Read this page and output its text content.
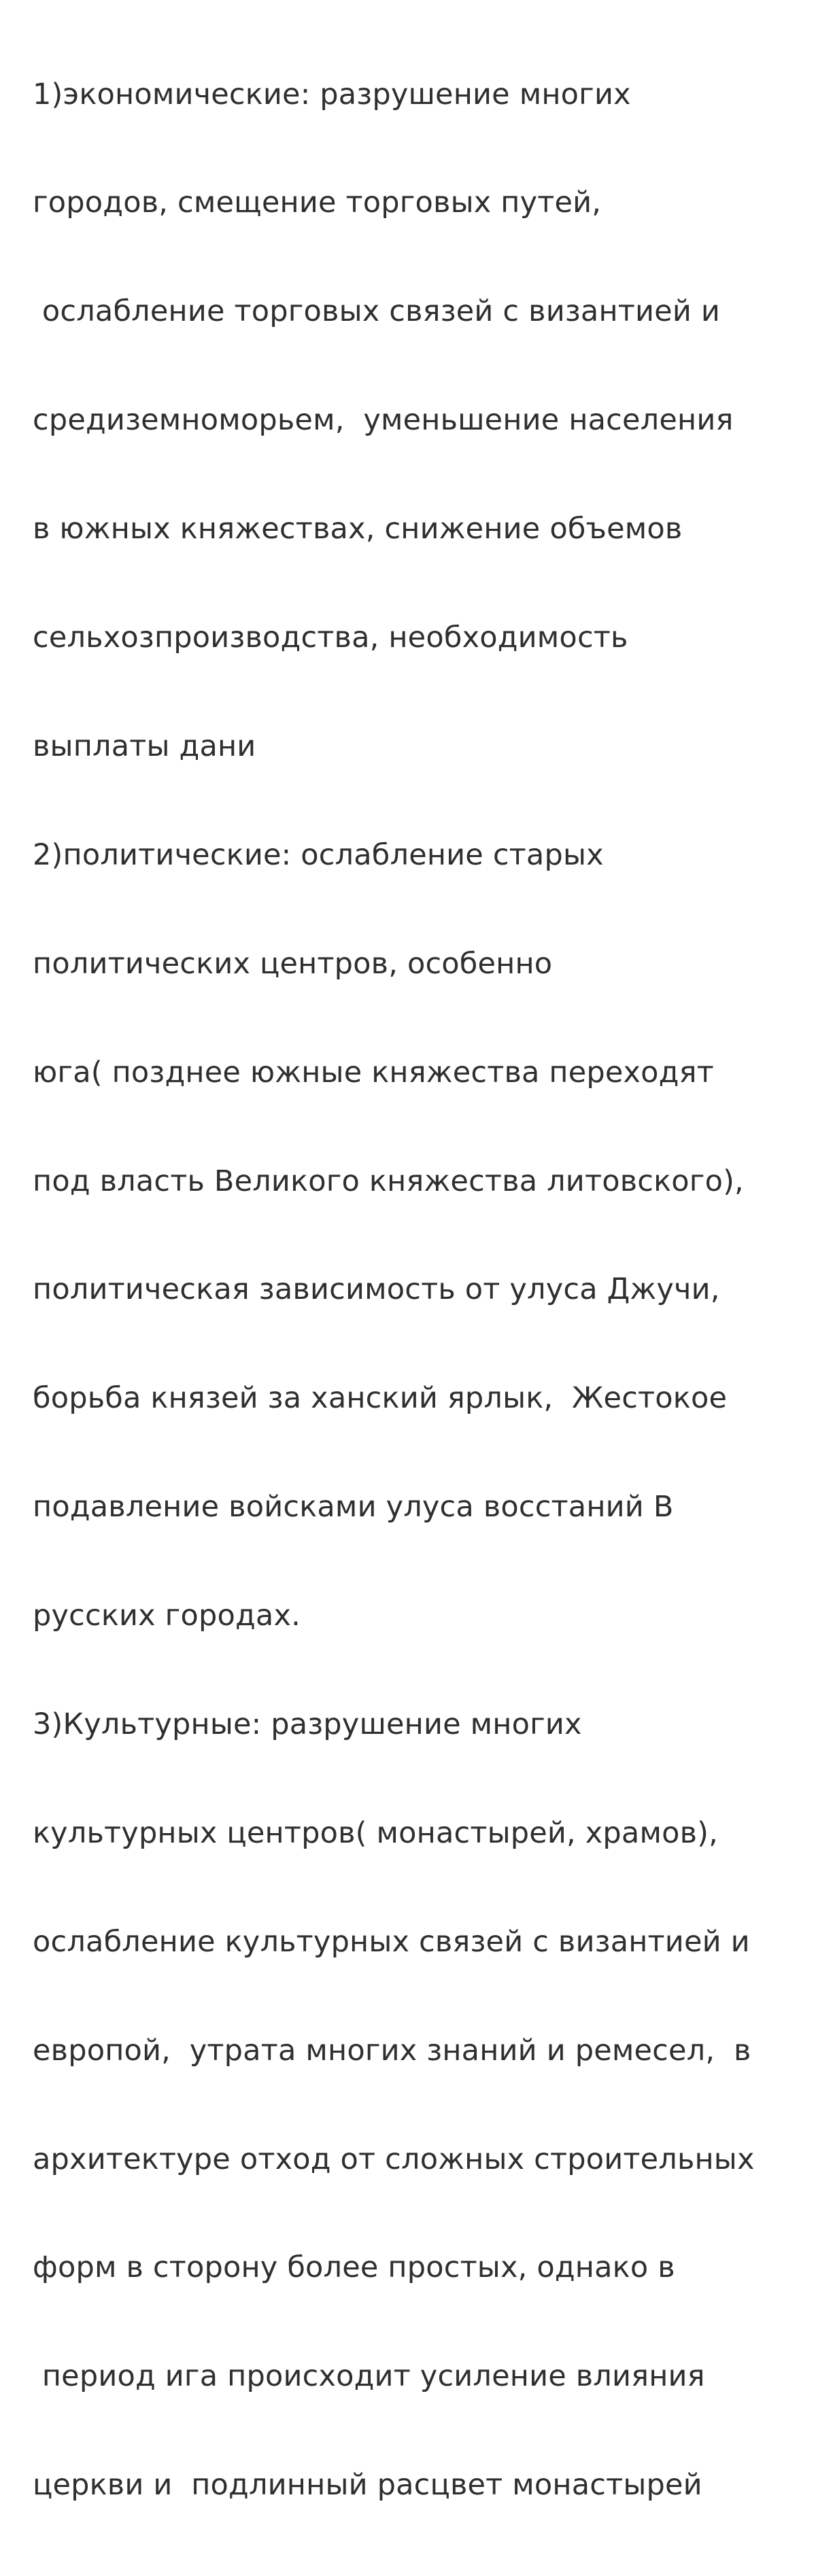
1)экономические: разрушение многих

городов, смещение торговых путей,

ослабление торговых связей с византией и

средиземноморьем,  уменьшение населения

в южных княжествах, снижение объемов

сельхозпроизводства, необходимость

выплаты дани

2)политические: ослабление старых

политических центров, особенно

юга( позднее южные княжества переходят

под власть Великого княжества литовского),

политическая зависимость от улуса Джучи,

борьба князей за ханский ярлык,  Жестокое

подавление войсками улуса восстаний В

русских городах.

3)Культурные: разрушение многих

культурных центров( монастырей, храмов),

ослабление культурных связей с византией и

европой,  утрата многих знаний и ремесел,  в

архитектуре отход от сложных строительных

форм в сторону более простых, однако в

период ига происходит усиление влияния

церкви и  подлинный расцвет монастырей
